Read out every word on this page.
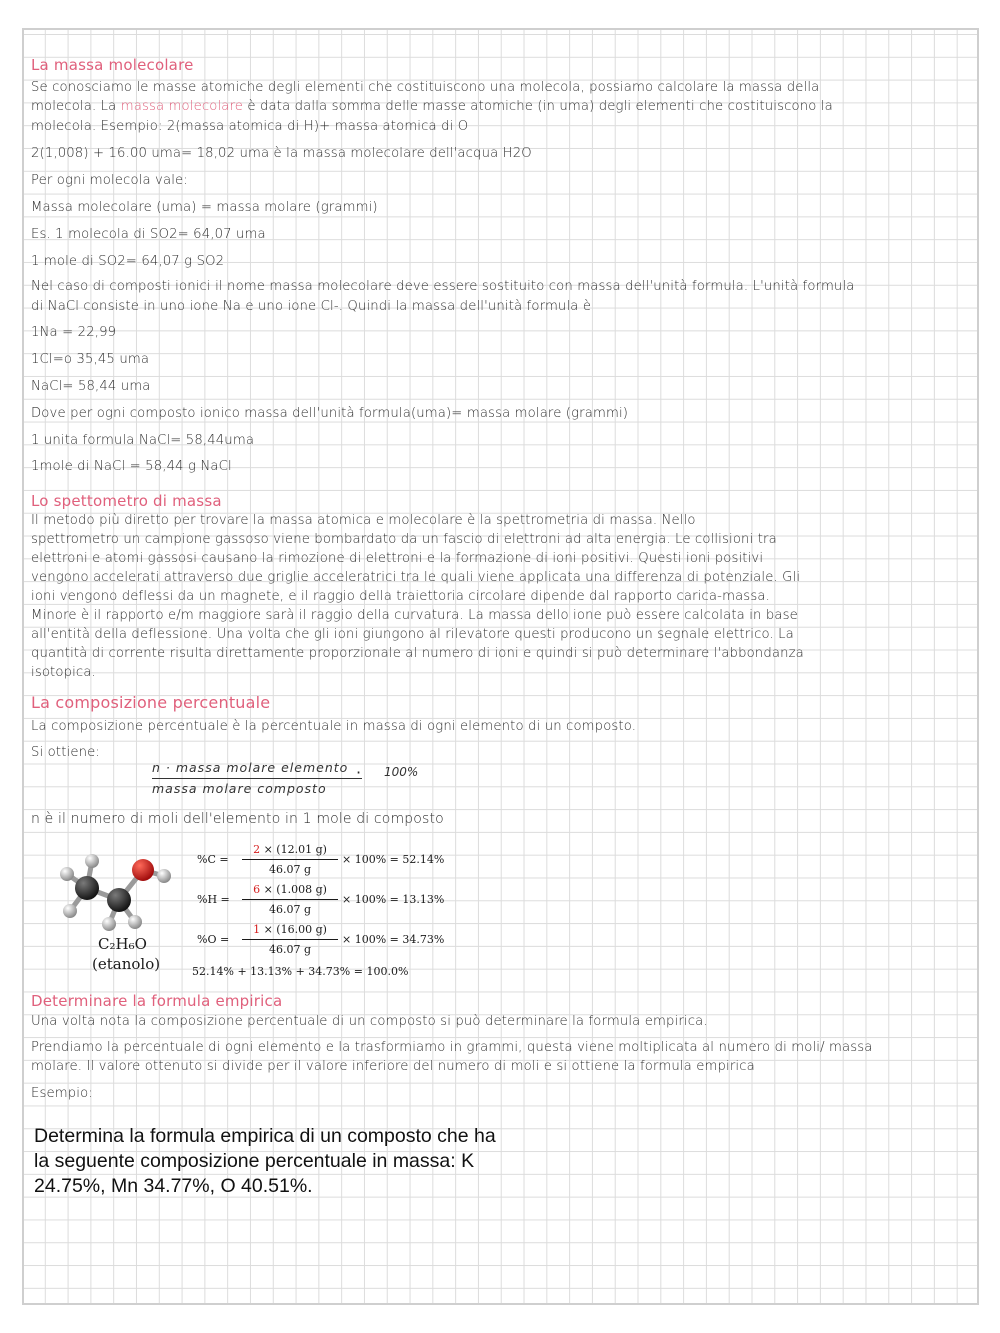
La massa molecolare
Se conosciamo le masse atomiche degli elementi che costituiscono una molecola, possiamo calcolare la massa della
molecola. La massa molecolare è data dalla somma delle masse atomiche (in uma) degli elementi che costituiscono la
molecola. Esempio: 2(massa atomica di H)+ massa atomica di O
2(1,008) + 16.00 uma= 18,02 uma è la massa molecolare dell'acqua H2O
Per ogni molecola vale:
Massa molecolare (uma) = massa molare (grammi)
Es. 1 molecola di SO2= 64,07 uma
1 mole di SO2= 64,07 g SO2
Nel caso di composti ionici il nome massa molecolare deve essere sostituito con massa dell'unità formula. L'unità formula
di NaCl consiste in uno ione Na e uno ione Cl-. Quindi la massa dell'unità formula è
1Na = 22,99
1Cl=o 35,45 uma
NaCl= 58,44 uma
Dove per ogni composto ionico massa dell'unità formula(uma)= massa molare (grammi)
1 unita formula NaCl= 58,44uma
1mole di NaCl = 58,44 g NaCl
Lo spettometro di massa
Il metodo più diretto per trovare la massa atomica e molecolare è la spettrometria di massa. Nello
spettrometro un campione gassoso viene bombardato da un fascio di elettroni ad alta energia. Le collisioni tra
elettroni e atomi gassosi causano la rimozione di elettroni e la formazione di ioni positivi. Questi ioni positivi
vengono accelerati attraverso due griglie acceleratrici tra le quali viene applicata una differenza di potenziale. Gli
ioni vengono deflessi da un magnete, e il raggio della traiettoria circolare dipende dal rapporto carica-massa.
Minore è il rapporto e/m maggiore sarà il raggio della curvatura. La massa dello ione può essere calcolata in base
all'entità della deflessione. Una volta che gli ioni giungono al rilevatore questi producono un segnale elettrico. La
quantità di corrente risulta direttamente proporzionale al numero di ioni e quindi si può determinare l'abbondanza
isotopica.
La composizione percentuale
La composizione percentuale è la percentuale in massa di ogni elemento di un composto.
Si ottiene:
n · massa molare elemento
massa molare composto
· 100%
n è il numero di moli dell'elemento in 1 mole di composto
C₂H₆O
(etanolo)
%C =
2 × (12.01 g)
46.07 g
× 100% = 52.14%
%H =
6 × (1.008 g)
46.07 g
× 100% = 13.13%
%O =
1 × (16.00 g)
46.07 g
× 100% = 34.73%
52.14% + 13.13% + 34.73% = 100.0%
Determinare la formula empirica
Una volta nota la composizione percentuale di un composto si può determinare la formula empirica.
Prendiamo la percentuale di ogni elemento e la trasformiamo in grammi, questa viene moltiplicata al numero di moli/ massa
molare. Il valore ottenuto si divide per il valore inferiore del numero di moli e si ottiene la formula empirica
Esempio:
Determina la formula empirica di un composto che ha la seguente composizione percentuale in massa: K 24.75%, Mn 34.77%, O 40.51%.
